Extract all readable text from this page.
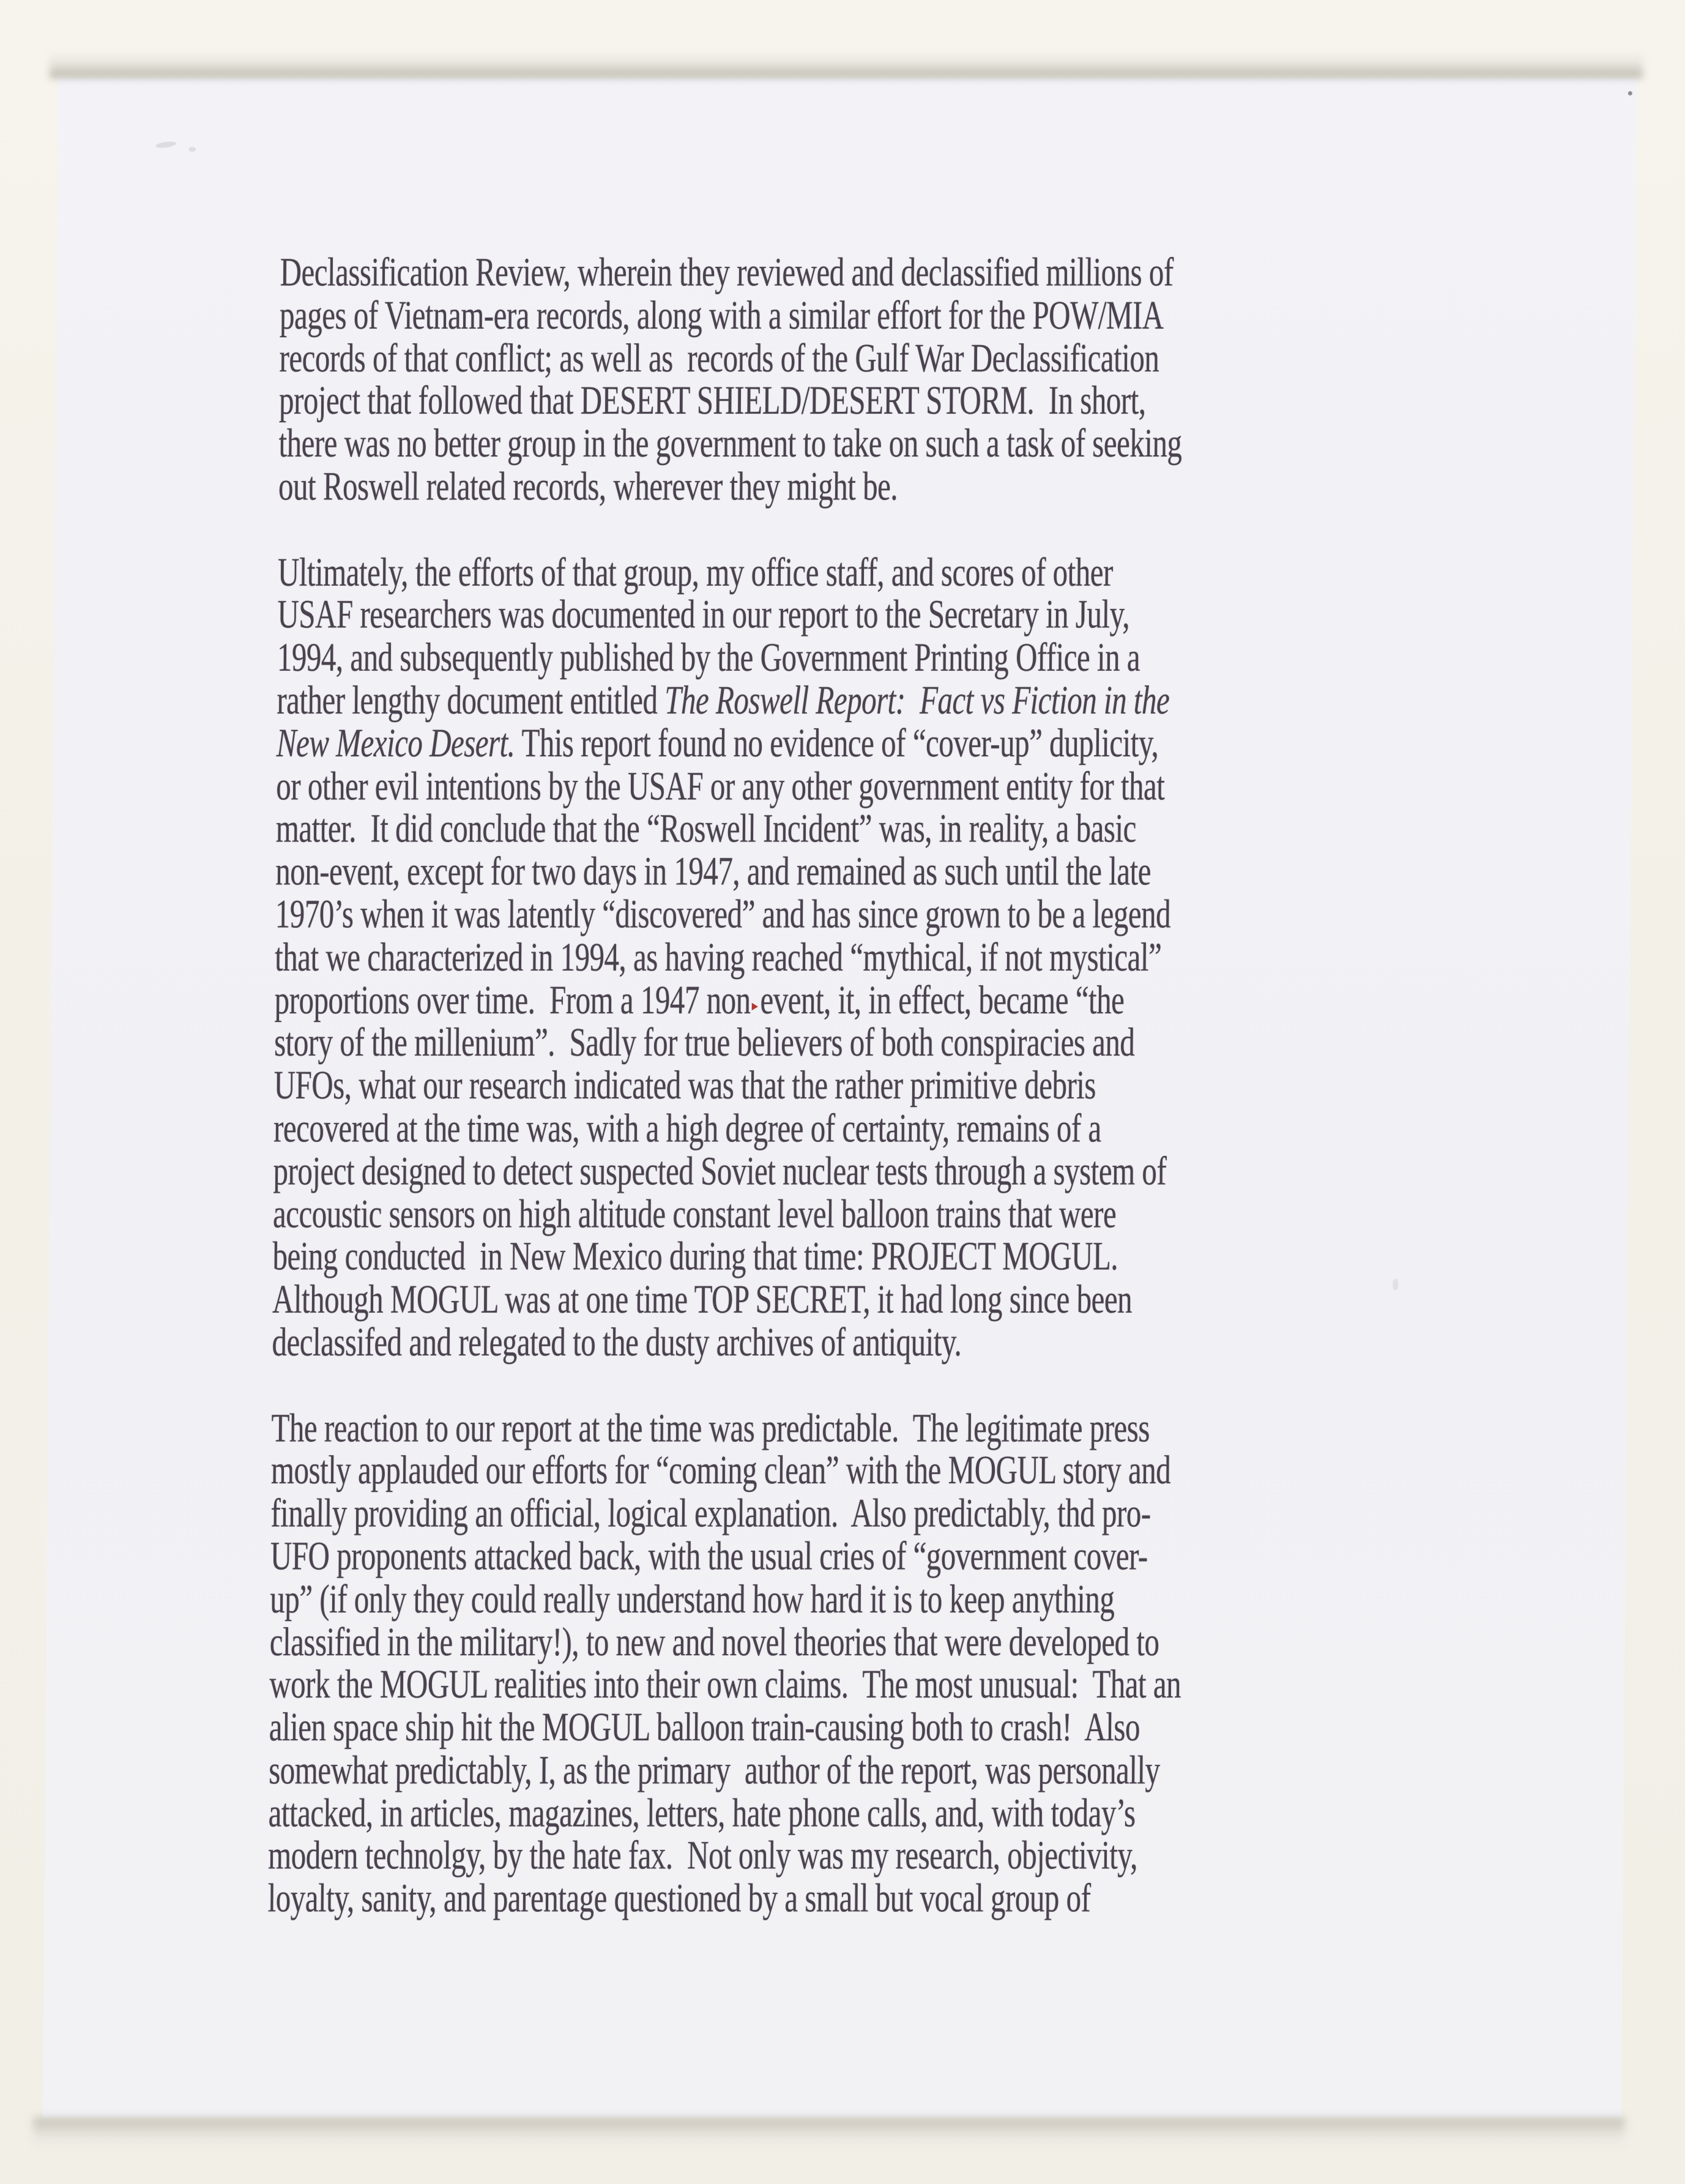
Declassification Review, wherein they reviewed and declassified millions of
pages of Vietnam-era records, along with a similar effort for the POW/MIA
records of that conflict; as well as  records of the Gulf War Declassification
project that followed that DESERT SHIELD/DESERT STORM.  In short,
there was no better group in the government to take on such a task of seeking
out Roswell related records, wherever they might be.
Ultimately, the efforts of that group, my office staff, and scores of other
USAF researchers was documented in our report to the Secretary in July,
1994, and subsequently published by the Government Printing Office in a
rather lengthy document entitled The Roswell Report:  Fact vs Fiction in the
New Mexico Desert. This report found no evidence of “cover-up” duplicity,
or other evil intentions by the USAF or any other government entity for that
matter.  It did conclude that the “Roswell Incident” was, in reality, a basic
non-event, except for two days in 1947, and remained as such until the late
1970’s when it was latently “discovered” and has since grown to be a legend
that we characterized in 1994, as having reached “mythical, if not mystical”
proportions over time.  From a 1947 non▸event, it, in effect, became “the
story of the millenium”.  Sadly for true believers of both conspiracies and
UFOs, what our research indicated was that the rather primitive debris
recovered at the time was, with a high degree of certainty, remains of a
project designed to detect suspected Soviet nuclear tests through a system of
accoustic sensors on high altitude constant level balloon trains that were
being conducted  in New Mexico during that time: PROJECT MOGUL.
Although MOGUL was at one time TOP SECRET, it had long since been
declassifed and relegated to the dusty archives of antiquity.
The reaction to our report at the time was predictable.  The legitimate press
mostly applauded our efforts for “coming clean” with the MOGUL story and
finally providing an official, logical explanation.  Also predictably, thd pro-
UFO proponents attacked back, with the usual cries of “government cover-
up” (if only they could really understand how hard it is to keep anything
classified in the military!), to new and novel theories that were developed to
work the MOGUL realities into their own claims.  The most unusual:  That an
alien space ship hit the MOGUL balloon train-causing both to crash!  Also
somewhat predictably, I, as the primary  author of the report, was personally
attacked, in articles, magazines, letters, hate phone calls, and, with today’s
modern technolgy, by the hate fax.  Not only was my research, objectivity,
loyalty, sanity, and parentage questioned by a small but vocal group of
